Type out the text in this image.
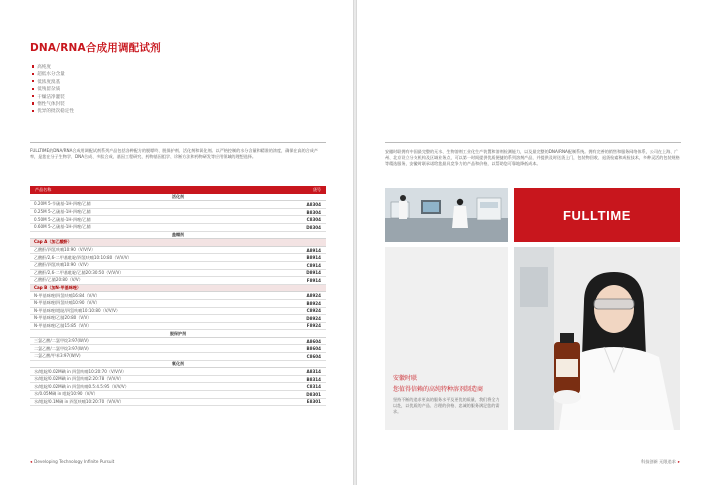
DNA/RNA合成用调配试剂
高纯度
超低水分含量
低浓度溴基
低残留杂质
干燥洁净灌装
惰性气体封装
优异的批次稳定性

FULLTIME的DNA/RNA合成用调配试剂系列产品包括各种配方的脱嘌呤、脱保护剂、活化剂和氧化剂。以严格控制的水分含量和精准的浓度，确保在高的合成产率，是您在分子生物学、DNA合成、多肽合成、基因工程研究、药物基因组学、诊断方法和药物研发等应用领域的理想选择。

产品名称	货号
活化剂
0.20M 5-苄硫基-1H-四唑/乙腈	A8304
0.25M 5-乙硫基-1H-四唑/乙腈	B8304
0.50M 5-乙硫基-1H-四唑/乙腈	C8304
0.60M 5-乙硫基-1H-四唑/乙腈	D8304
盖帽剂
Cap A（加乙酸酐）
乙酸酐/四氢呋喃10:90（V/V/V）	A8914
乙酸酐/2,6-二甲基吡啶/四氢呋喃10:10:80（V/V/V）	B8914
乙酸酐/四氢呋喃10:90（V/V）	C8914
乙酸酐/2,6-二甲基吡啶/乙腈20:30:50（V/V/V）	D8914
乙酸酐/乙腈20:80（V/V）	F8914
Cap B（加N-甲基咪唑）
N-甲基咪唑/四氢呋喃16:84（V/V）	A8924
N-甲基咪唑/四氢呋喃10:90（V/V）	B8924
N-甲基咪唑/吡啶/四氢呋喃10:10:80（V/V/V）	C8924
N-甲基咪唑/乙腈20:80（V/V）	D8924
N-甲基咪唑/乙腈15:85（V/V）	F8924
脱保护剂
三氯乙酸/二氯甲烷3:97(W/V)	A8604
二氯乙酸/二氯甲烷3:97(W/V)	B8604
二氯乙酸/甲苯3:97(W/V)	C8604
氧化剂
水/吡啶/0.02M碘 in 四氢呋喃10:20:70（V/V/V）	A8314
水/吡啶/0.02M碘 in 四氢呋喃2:20:78（V/V/V）	B8314
水/吡啶/0.02M碘 in 四氢呋喃0.5:4.5:95（V/V/V）	C8314
水/0.05M碘 in 吡啶10:90（V/V）	D8301
水/吡啶/0.1M碘 in 四氢呋喃10:20:70（V/V/V）	E8301
◂ Developing Technology Infinite Pursuit

安徽时联拥有中国最完整的无水、生物溶剂工业化生产装置和溶剂检测能力，以及最完整的DNA/RNA配制系统。拥有完善的销售和服务网络体系，公司在上海、广州、北京设立分支机构及区域业务点，可以第一时间提供优质便捷的系列溶剂产品，并提供及时送货上门，包装物回收、退货检索和成检技术，多种灵活的包装规格等精选服务，安徽时联承诺给您最具竞争力的产品和价格，以帮助您可靠地降低成本。

FULLTIME
安徽时联
您值得信赖的高纯特种溶剂制造商

坚持不断的追求更高的服务水平及更优的质量，我们将全力以赴，以优质的产品、合理的价格、忠诚的服务满足您的需求。

科技创新 无限追求 ▸
